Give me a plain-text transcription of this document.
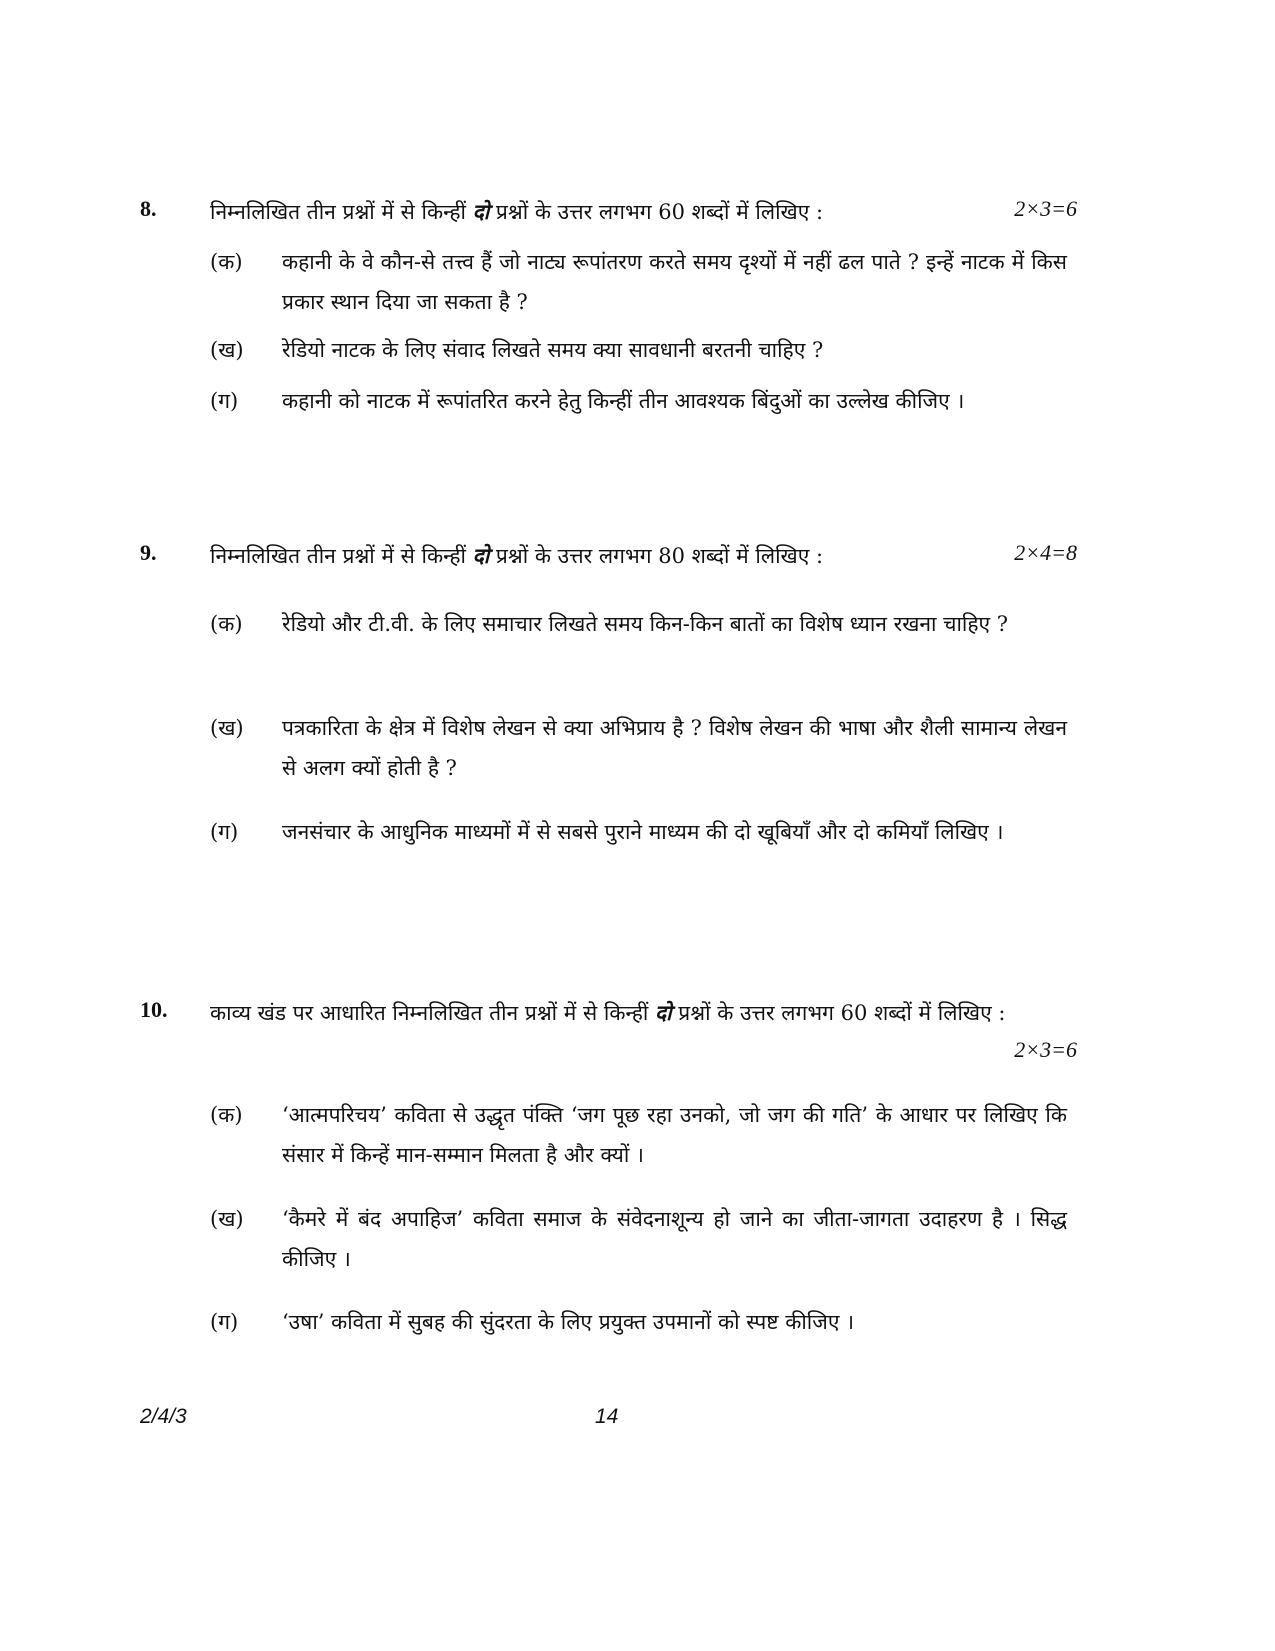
8.	निम्नलिखित तीन प्रश्नों में से किन्हीं दो प्रश्नों के उत्तर लगभग 60 शब्दों में लिखिए :	2×3=6
(क) कहानी के वे कौन-से तत्त्व हैं जो नाट्य रूपांतरण करते समय दृश्यों में नहीं ढल पाते ? इन्हें नाटक में किस प्रकार स्थान दिया जा सकता है ?
(ख) रेडियो नाटक के लिए संवाद लिखते समय क्या सावधानी बरतनी चाहिए ?
(ग) कहानी को नाटक में रूपांतरित करने हेतु किन्हीं तीन आवश्यक बिंदुओं का उल्लेख कीजिए ।
9.	निम्नलिखित तीन प्रश्नों में से किन्हीं दो प्रश्नों के उत्तर लगभग 80 शब्दों में लिखिए :	2×4=8
(क) रेडियो और टी.वी. के लिए समाचार लिखते समय किन-किन बातों का विशेष ध्यान रखना चाहिए ?
(ख) पत्रकारिता के क्षेत्र में विशेष लेखन से क्या अभिप्राय है ? विशेष लेखन की भाषा और शैली सामान्य लेखन से अलग क्यों होती है ?
(ग) जनसंचार के आधुनिक माध्यमों में से सबसे पुराने माध्यम की दो खूबियाँ और दो कमियाँ लिखिए ।
10. काव्य खंड पर आधारित निम्नलिखित तीन प्रश्नों में से किन्हीं दो प्रश्नों के उत्तर लगभग 60 शब्दों में लिखिए :
2×3=6
(क) ‘आत्मपरिचय’ कविता से उद्धृत पंक्ति ‘जग पूछ रहा उनको, जो जग की गति’ के आधार पर लिखिए कि संसार में किन्हें मान-सम्मान मिलता है और क्यों ।
(ख) ‘कैमरे में बंद अपाहिज’ कविता समाज के संवेदनाशून्य हो जाने का जीता-जागता उदाहरण है । सिद्ध कीजिए ।
(ग) ‘उषा’ कविता में सुबह की सुंदरता के लिए प्रयुक्त उपमानों को स्पष्ट कीजिए ।
2/4/3	14
